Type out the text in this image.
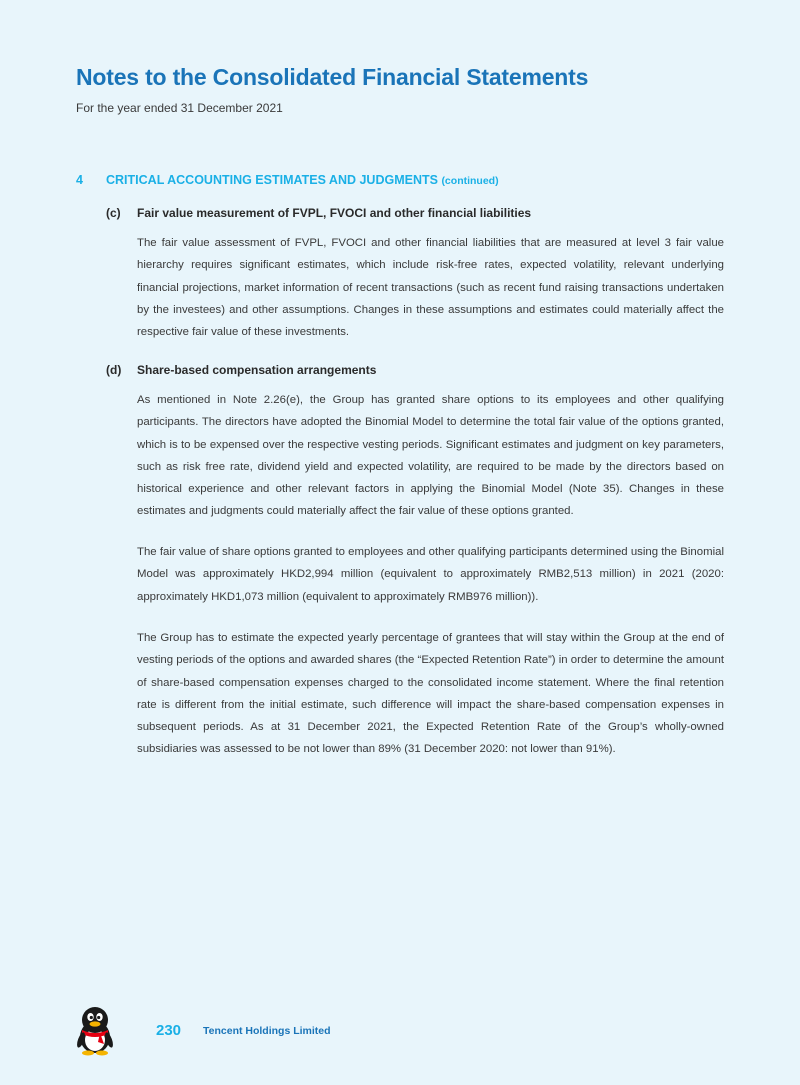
Notes to the Consolidated Financial Statements
For the year ended 31 December 2021
4 CRITICAL ACCOUNTING ESTIMATES AND JUDGMENTS (continued)
(c) Fair value measurement of FVPL, FVOCI and other financial liabilities

The fair value assessment of FVPL, FVOCI and other financial liabilities that are measured at level 3 fair value hierarchy requires significant estimates, which include risk-free rates, expected volatility, relevant underlying financial projections, market information of recent transactions (such as recent fund raising transactions undertaken by the investees) and other assumptions. Changes in these assumptions and estimates could materially affect the respective fair value of these investments.

(d) Share-based compensation arrangements

As mentioned in Note 2.26(e), the Group has granted share options to its employees and other qualifying participants. The directors have adopted the Binomial Model to determine the total fair value of the options granted, which is to be expensed over the respective vesting periods. Significant estimates and judgment on key parameters, such as risk free rate, dividend yield and expected volatility, are required to be made by the directors based on historical experience and other relevant factors in applying the Binomial Model (Note 35). Changes in these estimates and judgments could materially affect the fair value of these options granted.

The fair value of share options granted to employees and other qualifying participants determined using the Binomial Model was approximately HKD2,994 million (equivalent to approximately RMB2,513 million) in 2021 (2020: approximately HKD1,073 million (equivalent to approximately RMB976 million)).

The Group has to estimate the expected yearly percentage of grantees that will stay within the Group at the end of vesting periods of the options and awarded shares (the “Expected Retention Rate”) in order to determine the amount of share-based compensation expenses charged to the consolidated income statement. Where the final retention rate is different from the initial estimate, such difference will impact the share-based compensation expenses in subsequent periods. As at 31 December 2021, the Expected Retention Rate of the Group’s wholly-owned subsidiaries was assessed to be not lower than 89% (31 December 2020: not lower than 91%).

230 Tencent Holdings Limited
